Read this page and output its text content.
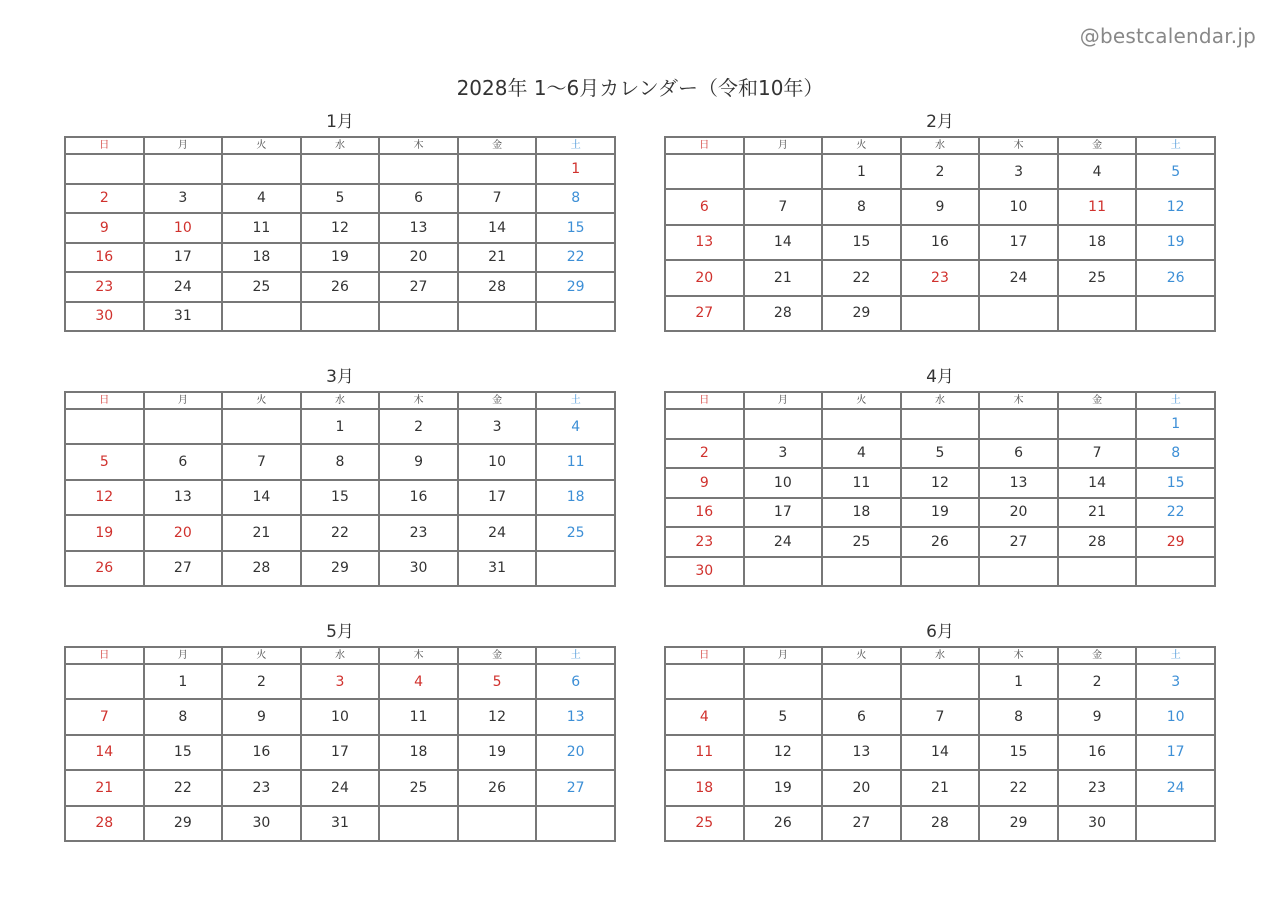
@bestcalendar.jp
2028年 1〜6月カレンダー（令和10年）
1月
日	月	火	水	木	金	土
						1
2	3	4	5	6	7	8
9	10	11	12	13	14	15
16	17	18	19	20	21	22
23	24	25	26	27	28	29
30	31					
2月
日	月	火	水	木	金	土
		1	2	3	4	5
6	7	8	9	10	11	12
13	14	15	16	17	18	19
20	21	22	23	24	25	26
27	28	29				
3月
日	月	火	水	木	金	土
			1	2	3	4
5	6	7	8	9	10	11
12	13	14	15	16	17	18
19	20	21	22	23	24	25
26	27	28	29	30	31	
4月
日	月	火	水	木	金	土
						1
2	3	4	5	6	7	8
9	10	11	12	13	14	15
16	17	18	19	20	21	22
23	24	25	26	27	28	29
30						
5月
日	月	火	水	木	金	土
	1	2	3	4	5	6
7	8	9	10	11	12	13
14	15	16	17	18	19	20
21	22	23	24	25	26	27
28	29	30	31			
6月
日	月	火	水	木	金	土
				1	2	3
4	5	6	7	8	9	10
11	12	13	14	15	16	17
18	19	20	21	22	23	24
25	26	27	28	29	30	
